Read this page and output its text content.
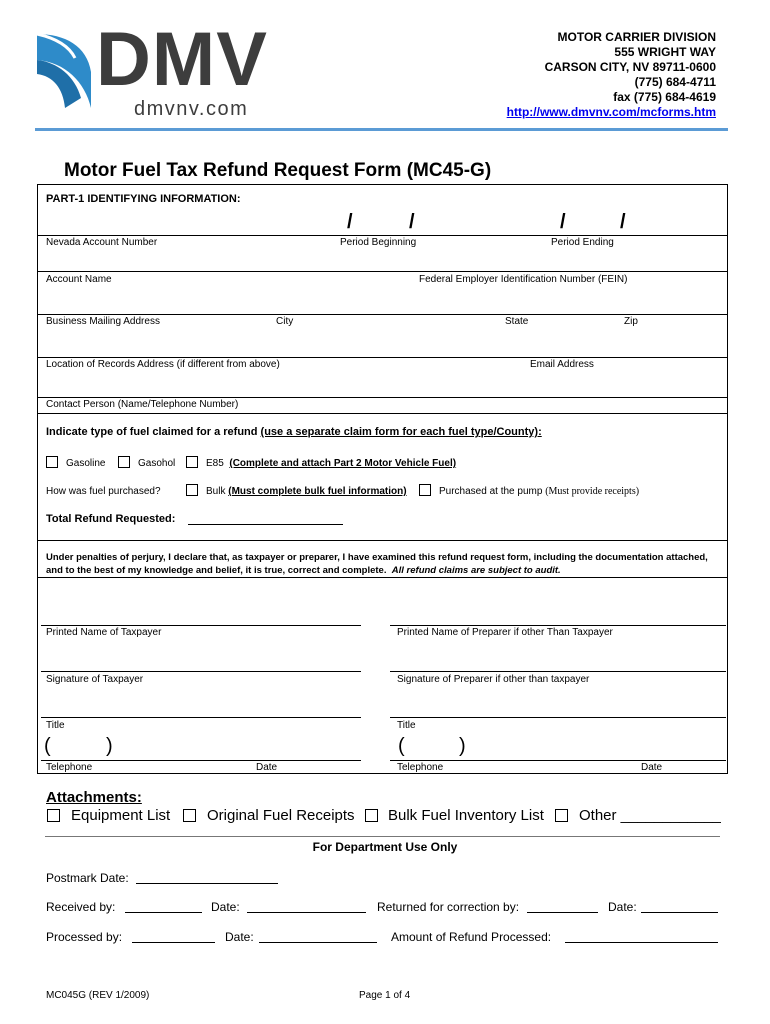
DMV
dmvnv.com
MOTOR CARRIER DIVISION
555 WRIGHT WAY
CARSON CITY, NV 89711-0600
(775) 684-4711
fax (775) 684-4619
http://www.dmvnv.com/mcforms.htm
Motor Fuel Tax Refund Request Form (MC45-G)
PART-1 IDENTIFYING INFORMATION:
/	/	/	/
Nevada Account Number	Period Beginning	Period Ending
Account Name	Federal Employer Identification Number (FEIN)
Business Mailing Address	City	State	Zip
Location of Records Address (if different from above)	Email Address
Contact Person (Name/Telephone Number)
Indicate type of fuel claimed for a refund (use a separate claim form for each fuel type/County):
Gasoline	Gasohol	E85 (Complete and attach Part 2 Motor Vehicle Fuel)
How was fuel purchased?	Bulk (Must complete bulk fuel information)	Purchased at the pump (Must provide receipts)
Total Refund Requested:
Under penalties of perjury, I declare that, as taxpayer or preparer, I have examined this refund request form, including the documentation attached, and to the best of my knowledge and belief, it is true, correct and complete. All refund claims are subject to audit.
Printed Name of Taxpayer	Printed Name of Preparer if other Than Taxpayer
Signature of Taxpayer	Signature of Preparer if other than taxpayer
Title	Title
(	)	(	)
Telephone	Date	Telephone	Date
Attachments:
Equipment List Original Fuel Receipts Bulk Fuel Inventory List Other ____________
For Department Use Only
Postmark Date:
Received by:	Date:	Returned for correction by:	Date:
Processed by:	Date:	Amount of Refund Processed:
MC045G (REV 1/2009)	Page 1 of 4
